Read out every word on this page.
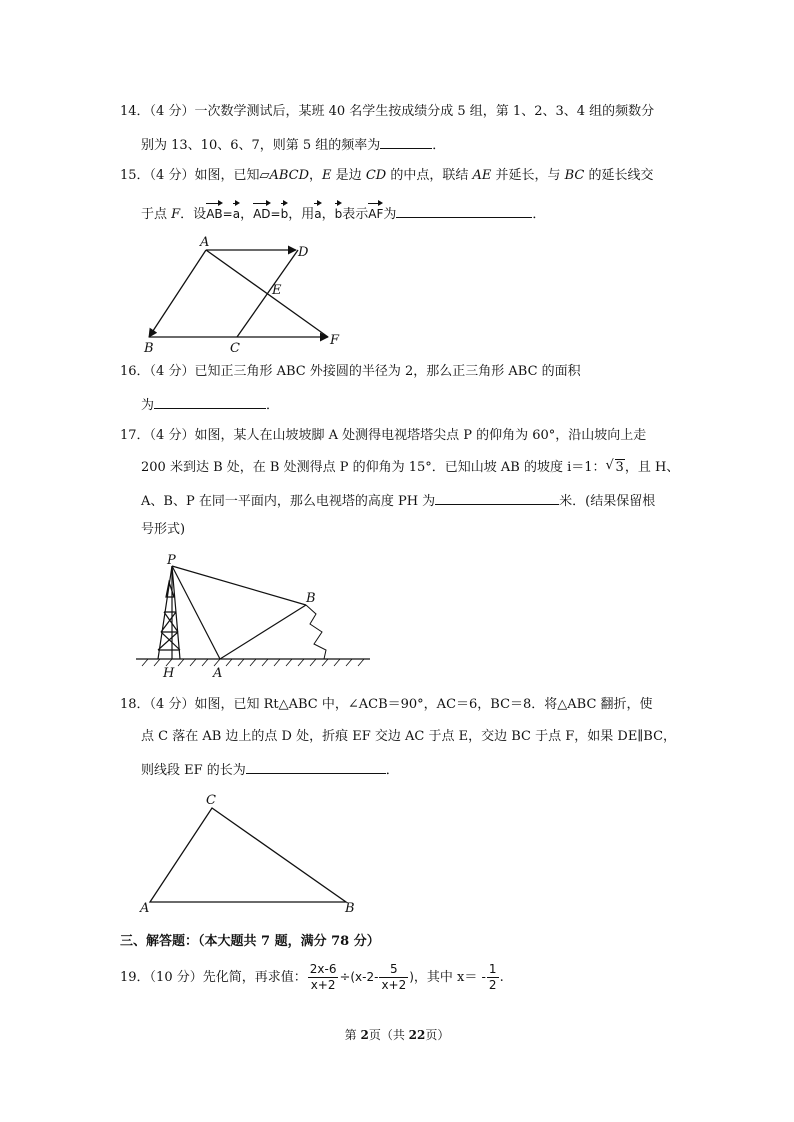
14．（4 分）一次数学测试后，某班 40 名学生按成绩分成 5 组，第 1、2、3、4 组的频数分
别为 13、10、6、7，则第 5 组的频率为	．
15．（4 分）如图，已知▱ABCD，E 是边 CD 的中点，联结 AE 并延长，与 BC 的延长线交
于点 F．设AB=a，AD=b，用a，b表示AF为	．
A
D
E
B	C
F
16．（4 分）已知正三角形 ABC 外接圆的半径为 2，那么正三角形 ABC 的面积
为	．
17．（4 分）如图，某人在山坡坡脚 A 处测得电视塔塔尖点 P 的仰角为 60°，沿山坡向上走
200 米到达 B 处，在 B 处测得点 P 的仰角为 15°．已知山坡 AB 的坡度 i＝1：√ 3，且 H、
A、B、P 在同一平面内，那么电视塔的高度 PH 为	米．(结果保留根
号形式)
P
B
H	A
18．（4 分）如图，已知 Rt△ABC 中，∠ACB＝90°，AC＝6，BC＝8．将△ABC 翻折，使
点 C 落在 AB 边上的点 D 处，折痕 EF 交边 AC 于点 E，交边 BC 于点 F，如果 DE∥BC，
则线段 EF 的长为	．
C
A	B
三、解答题：（本大题共 7 题，满分 78 分）
19．（10 分）先化简，再求值： $\frac{2x-6}{x+2} \div(x-2- \frac{5}{x+2}$ )，其中 $x= - \frac{1}{2}$ .
第 2页（共 22页）
